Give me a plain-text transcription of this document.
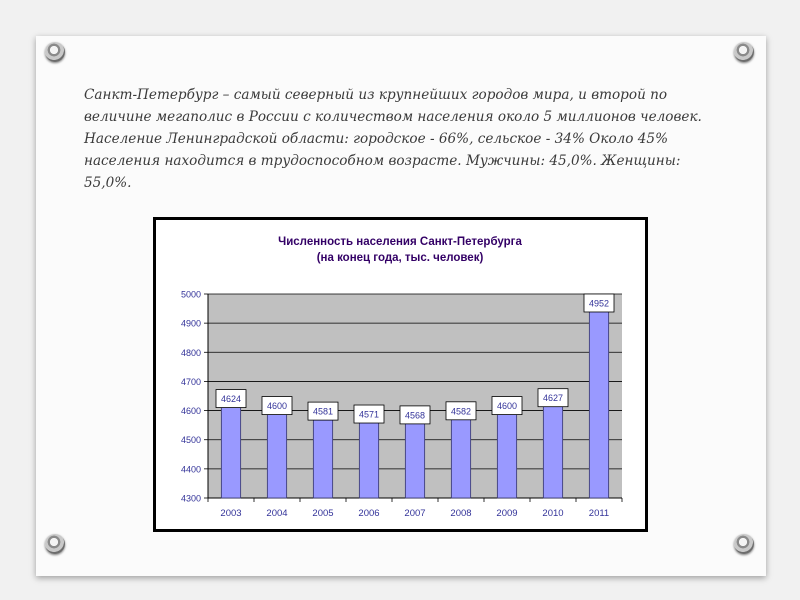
Санкт-Петербург – самый северный из крупнейших городов мира, и второй по величине мегаполис в России с количеством населения около 5 миллионов человек. Население Ленинградской области: городское - 66%, сельское - 34% Около 45% населения находится в трудоспособном возрасте. Мужчины: 45,0%. Женщины: 55,0%.

Численность населения Санкт-Петербурга
(на конец года, тыс. человек)
4300
4400
4500
4600
4700
4800
4900
5000
4624
2003
4600
2004
4581
2005
4571
2006
4568
2007
4582
2008
4600
2009
4627
2010
4952
2011
